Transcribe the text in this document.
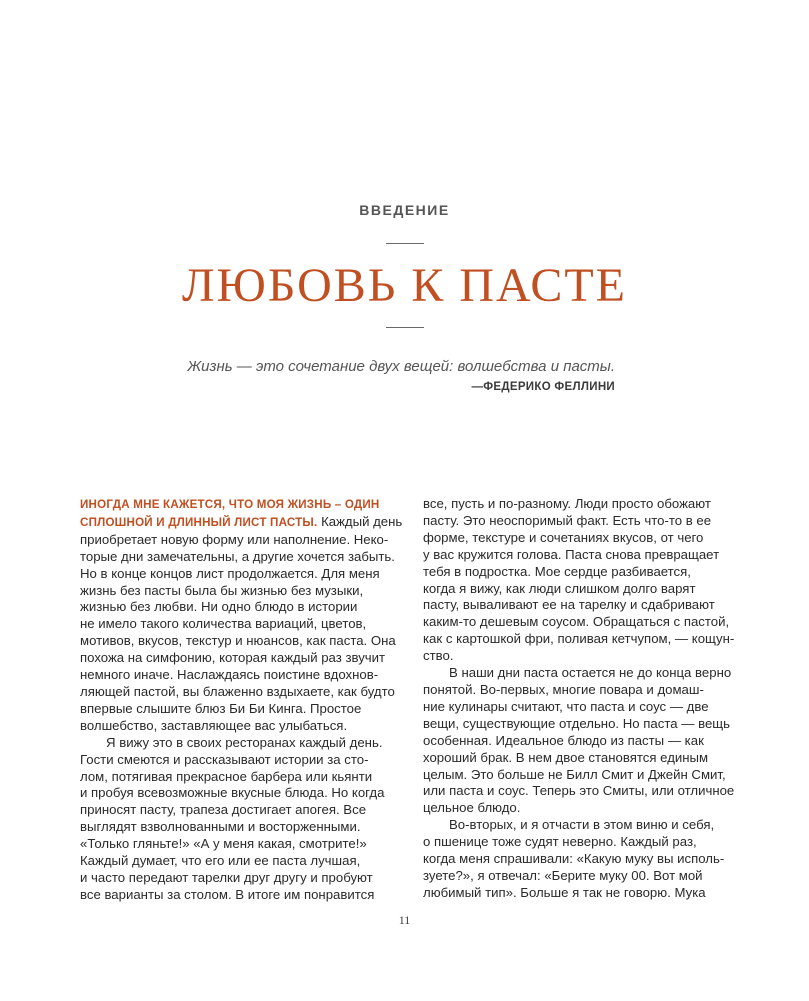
ВВЕДЕНИЕ
ЛЮБОВЬ К ПАСТЕ
Жизнь — это сочетание двух вещей: волшебства и пасты.
—ФЕДЕРИКО ФЕЛЛИНИ
ИНОГДА МНЕ КАЖЕТСЯ, ЧТО МОЯ ЖИЗНЬ – ОДИН
СПЛОШНОЙ И ДЛИННЫЙ ЛИСТ ПАСТЫ. Каждый день
приобретает новую форму или наполнение. Неко-
торые дни замечательны, а другие хочется забыть.
Но в конце концов лист продолжается. Для меня
жизнь без пасты была бы жизнью без музыки,
жизнью без любви. Ни одно блюдо в истории
не имело такого количества вариаций, цветов,
мотивов, вкусов, текстур и нюансов, как паста. Она
похожа на симфонию, которая каждый раз звучит
немного иначе. Наслаждаясь поистине вдохнов-
ляющей пастой, вы блаженно вздыхаете, как будто
впервые слышите блюз Би Би Кинга. Простое
волшебство, заставляющее вас улыбаться.
Я вижу это в своих ресторанах каждый день.
Гости смеются и рассказывают истории за сто-
лом, потягивая прекрасное барбера или кьянти
и пробуя всевозможные вкусные блюда. Но когда
приносят пасту, трапеза достигает апогея. Все
выглядят взволнованными и восторженными.
«Только гляньте!» «А у меня какая, смотрите!»
Каждый думает, что его или ее паста лучшая,
и часто передают тарелки друг другу и пробуют
все варианты за столом. В итоге им понравится
все, пусть и по-разному. Люди просто обожают
пасту. Это неоспоримый факт. Есть что-то в ее
форме, текстуре и сочетаниях вкусов, от чего
у вас кружится голова. Паста снова превращает
тебя в подростка. Мое сердце разбивается,
когда я вижу, как люди слишком долго варят
пасту, вываливают ее на тарелку и сдабривают
каким-то дешевым соусом. Обращаться с пастой,
как с картошкой фри, поливая кетчупом, — кощун-
ство.
В наши дни паста остается не до конца верно
понятой. Во-первых, многие повара и домаш-
ние кулинары считают, что паста и соус — две
вещи, существующие отдельно. Но паста — вещь
особенная. Идеальное блюдо из пасты — как
хороший брак. В нем двое становятся единым
целым. Это больше не Билл Смит и Джейн Смит,
или паста и соус. Теперь это Смиты, или отличное
цельное блюдо.
Во-вторых, и я отчасти в этом виню и себя,
о пшенице тоже судят неверно. Каждый раз,
когда меня спрашивали: «Какую муку вы исполь-
зуете?», я отвечал: «Берите муку 00. Вот мой
любимый тип». Больше я так не говорю. Мука
11
